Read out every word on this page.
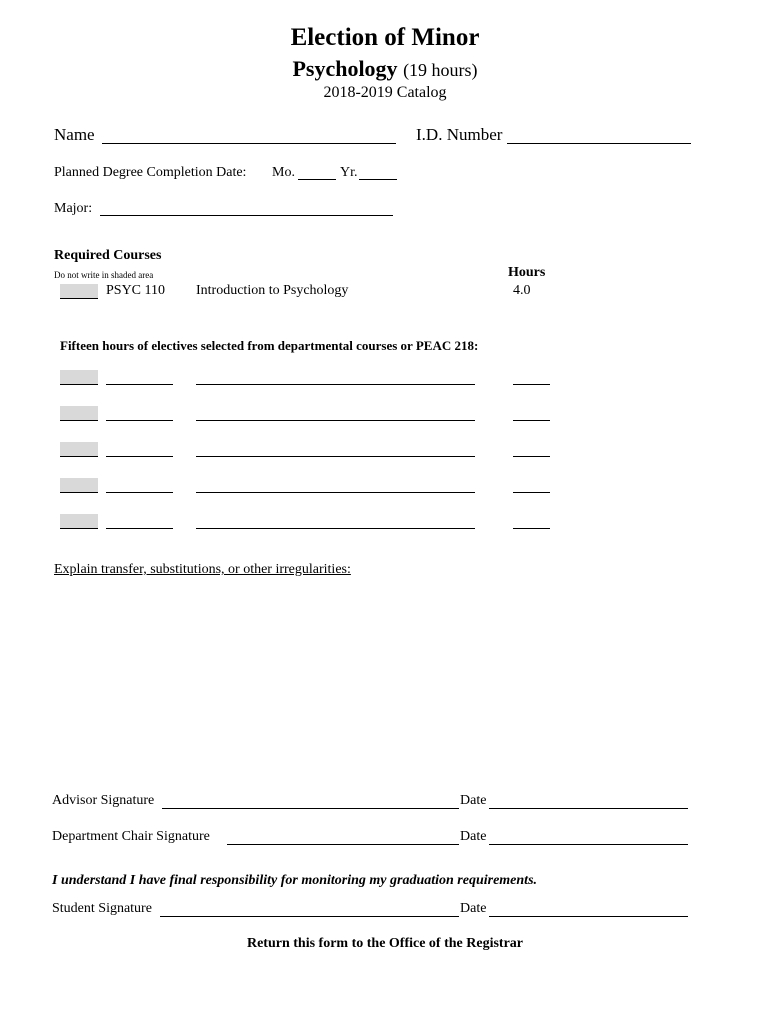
Election of Minor
Psychology (19 hours)
2018-2019 Catalog
Name	I.D. Number
Planned Degree Completion Date: Mo.	Yr.
Major:
Required Courses
Do not write in shaded area	Hours
PSYC 110 Introduction to Psychology	4.0
Fifteen hours of electives selected from departmental courses or PEAC 218:
Explain transfer, substitutions, or other irregularities:
Advisor Signature	Date
Department Chair Signature	Date
I understand I have final responsibility for monitoring my graduation requirements.
Student Signature	Date
Return this form to the Office of the Registrar
